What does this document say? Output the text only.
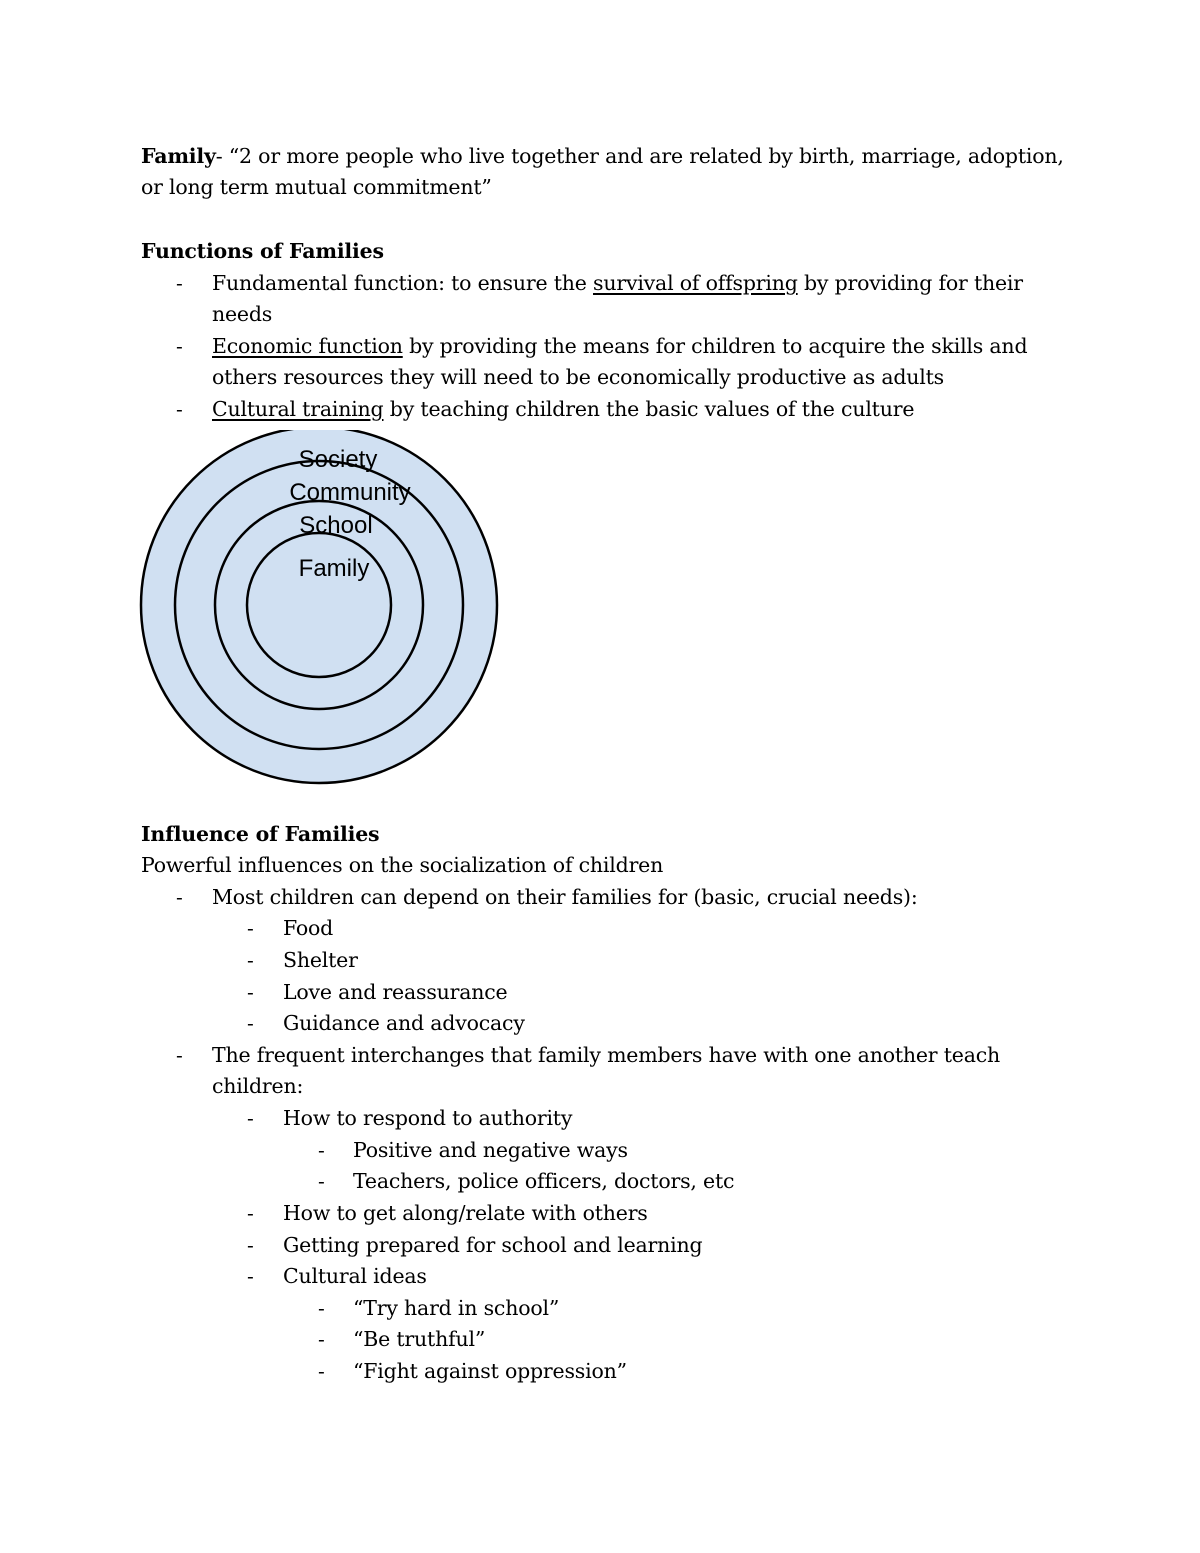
Family- “2 or more people who live together and are related by birth, marriage, adoption,
or long term mutual commitment”
Functions of Families
- Fundamental function: to ensure the survival of offspring by providing for their
needs
- Economic function by providing the means for children to acquire the skills and
others resources they will need to be economically productive as adults
- Cultural training by teaching children the basic values of the culture
Society
Community
School
Family
Influence of Families
Powerful influences on the socialization of children
- Most children can depend on their families for (basic, crucial needs):
- Food
- Shelter
- Love and reassurance
- Guidance and advocacy
- The frequent interchanges that family members have with one another teach
children:
- How to respond to authority
- Positive and negative ways
- Teachers, police officers, doctors, etc
- How to get along/relate with others
- Getting prepared for school and learning
- Cultural ideas
- “Try hard in school”
- “Be truthful”
- “Fight against oppression”
